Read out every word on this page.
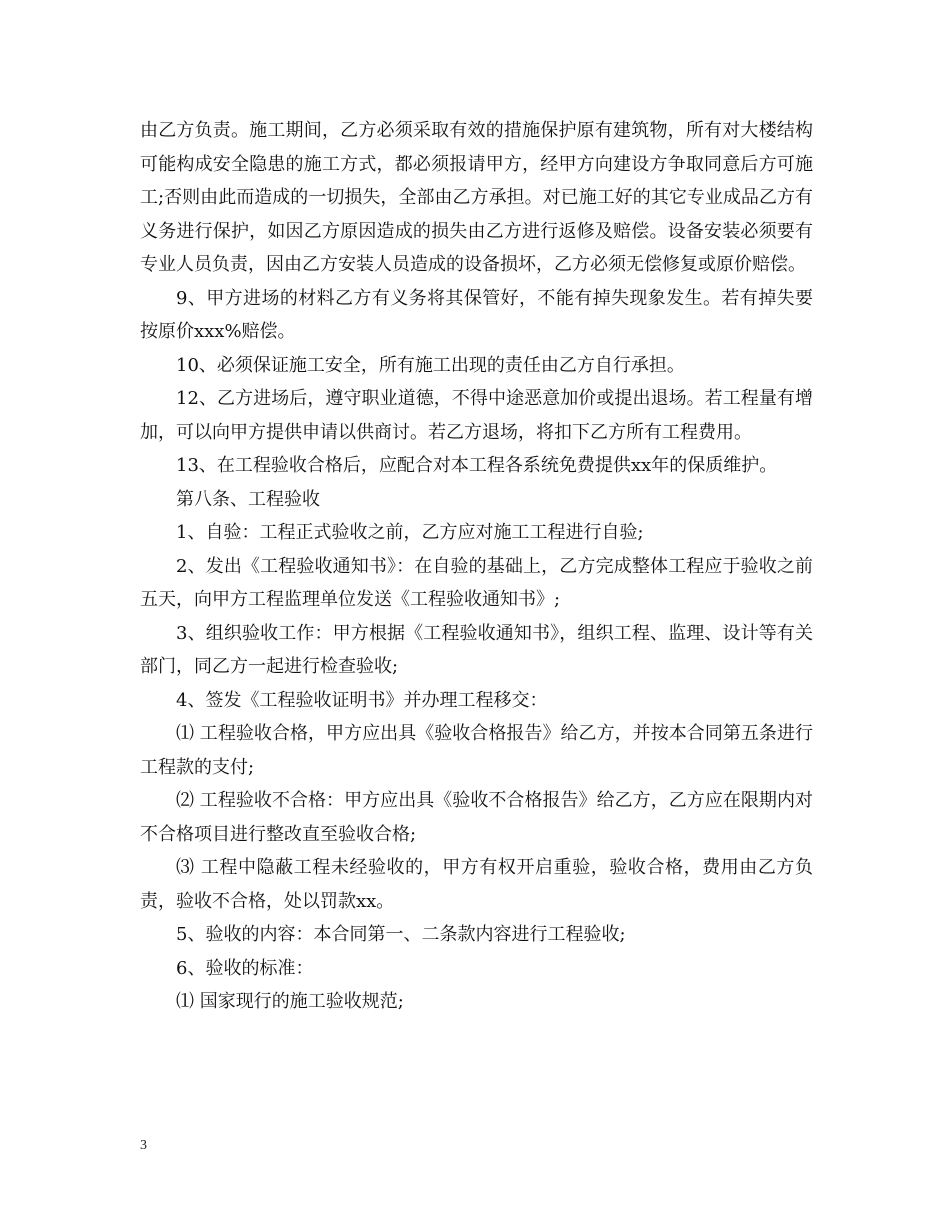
由乙方负责。施工期间，乙方必须采取有效的措施保护原有建筑物，所有对大楼结构可能构成安全隐患的施工方式，都必须报请甲方，经甲方向建设方争取同意后方可施工;否则由此而造成的一切损失，全部由乙方承担。对已施工好的其它专业成品乙方有义务进行保护，如因乙方原因造成的损失由乙方进行返修及赔偿。设备安装必须要有专业人员负责，因由乙方安装人员造成的设备损坏，乙方必须无偿修复或原价赔偿。

9、甲方进场的材料乙方有义务将其保管好，不能有掉失现象发生。若有掉失要按原价xxx%赔偿。

10、必须保证施工安全，所有施工出现的责任由乙方自行承担。

12、乙方进场后，遵守职业道德，不得中途恶意加价或提出退场。若工程量有增加，可以向甲方提供申请以供商讨。若乙方退场，将扣下乙方所有工程费用。

13、在工程验收合格后，应配合对本工程各系统免费提供xx年的保质维护。

第八条、工程验收

1、自验：工程正式验收之前，乙方应对施工工程进行自验;

2、发出《工程验收通知书》：在自验的基础上，乙方完成整体工程应于验收之前五天，向甲方工程监理单位发送《工程验收通知书》;

3、组织验收工作：甲方根据《工程验收通知书》，组织工程、监理、设计等有关部门，同乙方一起进行检查验收;

4、签发《工程验收证明书》并办理工程移交：

⑴ 工程验收合格，甲方应出具《验收合格报告》给乙方，并按本合同第五条进行工程款的支付;

⑵ 工程验收不合格：甲方应出具《验收不合格报告》给乙方，乙方应在限期内对不合格项目进行整改直至验收合格;

⑶ 工程中隐蔽工程未经验收的，甲方有权开启重验，验收合格，费用由乙方负责，验收不合格，处以罚款xx。

5、验收的内容：本合同第一、二条款内容进行工程验收;

6、验收的标准：

⑴ 国家现行的施工验收规范;

3
